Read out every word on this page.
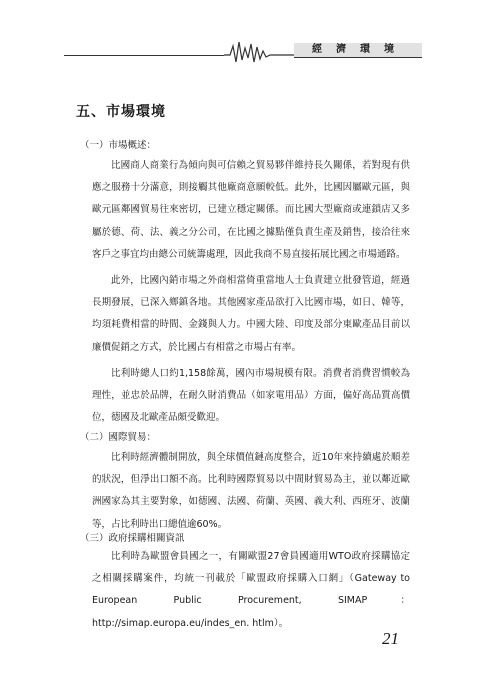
經濟環境
五、市場環境
（一）市場概述：

比國商人商業行為傾向與可信賴之貿易夥伴維持長久關係，若對現有供應之服務十分滿意，則接觸其他廠商意願較低。此外，比國因屬歐元區，與歐元區鄰國貿易往來密切，已建立穩定關係。而比國大型廠商或連鎖店又多屬於德、荷、法、義之分公司，在比國之據點僅負責生產及銷售，接洽往來客戶之事宜均由總公司統籌處理，因此我商不易直接拓展比國之市場通路。

此外，比國內銷市場之外商相當倚重當地人士負責建立批發管道，經過長期發展，已深入鄉鎮各地。其他國家產品欲打入比國市場，如日、韓等，均須耗費相當的時間、金錢與人力。中國大陸、印度及部分東歐產品目前以廉價促銷之方式，於比國占有相當之市場占有率。

比利時總人口約1,158餘萬，國內市場規模有限。消費者消費習慣較為理性，並忠於品牌，在耐久財消費品（如家電用品）方面，偏好高品質高價位，德國及北歐產品頗受歡迎。

（二）國際貿易：

比利時經濟體制開放，與全球價值鏈高度整合，近10年來持續處於順差的狀況，但淨出口額不高。比利時國際貿易以中間財貿易為主，並以鄰近歐洲國家為其主要對象，如德國、法國、荷蘭、英國、義大利、西班牙、波蘭等，占比利時出口總值逾60%。

（三）政府採購相關資訊

比利時為歐盟會員國之一，有關歐盟27會員國適用WTO政府採購協定之相關採購案件，均統一刊載於「歐盟政府採購入口網」（Gateway to European Public Procurement, SIMAP：http://simap.europa.eu/indes_en. htlm）。

21
